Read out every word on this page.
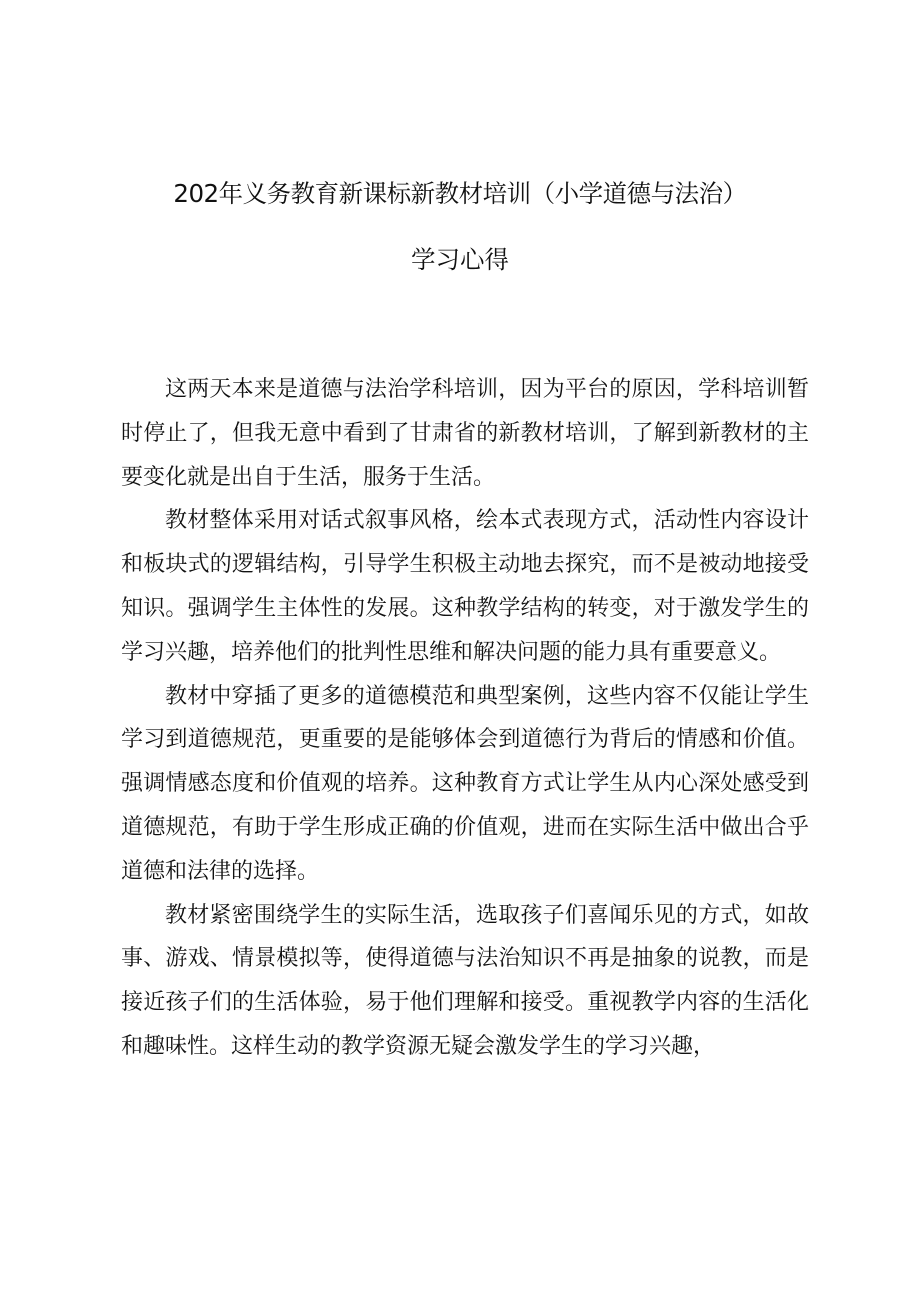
202年义务教育新课标新教材培训（小学道德与法治）
学习心得

这两天本来是道德与法治学科培训，因为平台的原因，学科培训暂时停止了，但我无意中看到了甘肃省的新教材培训，了解到新教材的主要变化就是出自于生活，服务于生活。

教材整体采用对话式叙事风格，绘本式表现方式，活动性内容设计和板块式的逻辑结构，引导学生积极主动地去探究，而不是被动地接受知识。强调学生主体性的发展。这种教学结构的转变，对于激发学生的学习兴趣，培养他们的批判性思维和解决问题的能力具有重要意义。

教材中穿插了更多的道德模范和典型案例，这些内容不仅能让学生学习到道德规范，更重要的是能够体会到道德行为背后的情感和价值。强调情感态度和价值观的培养。这种教育方式让学生从内心深处感受到道德规范，有助于学生形成正确的价值观，进而在实际生活中做出合乎道德和法律的选择。

教材紧密围绕学生的实际生活，选取孩子们喜闻乐见的方式，如故事、游戏、情景模拟等，使得道德与法治知识不再是抽象的说教，而是接近孩子们的生活体验，易于他们理解和接受。重视教学内容的生活化和趣味性。这样生动的教学资源无疑会激发学生的学习兴趣，
